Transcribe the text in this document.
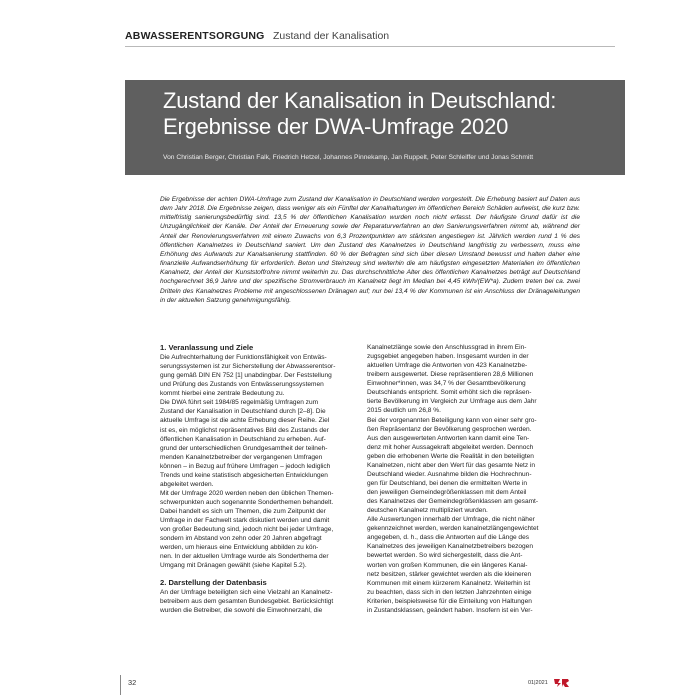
ABWASSERENTSORGUNG Zustand der Kanalisation
Zustand der Kanalisation in Deutschland:
Ergebnisse der DWA-Umfrage 2020
Von Christian Berger, Christian Falk, Friedrich Hetzel, Johannes Pinnekamp, Jan Ruppelt, Peter Schleiffer und Jonas Schmitt
Die Ergebnisse der achten DWA-Umfrage zum Zustand der Kanalisation in Deutschland werden vorgestellt. Die Erhebung basiert auf Daten aus dem Jahr 2018. Die Ergebnisse zeigen, dass weniger als ein Fünftel der Kanalhaltungen im öffentlichen Bereich Schäden aufweist, die kurz bzw. mittelfristig sanierungsbedürftig sind. 13,5 % der öffentlichen Kanalisation wurden noch nicht erfasst. Der häufigste Grund dafür ist die Unzugänglichkeit der Kanäle. Der Anteil der Erneuerung sowie der Reparaturverfahren an den Sanierungsverfahren nimmt ab, während der Anteil der Renovierungsverfahren mit einem Zuwachs von 6,3 Prozentpunkten am stärksten angestiegen ist. Jährlich werden rund 1 % des öffentlichen Kanalnetzes in Deutschland saniert. Um den Zustand des Kanalnetzes in Deutschland langfristig zu verbessern, muss eine Erhöhung des Aufwands zur Kanalsanierung stattfinden. 60 % der Befragten sind sich über diesen Umstand bewusst und halten daher eine finanzielle Aufwandserhöhung für erforderlich. Beton und Steinzeug sind weiterhin die am häufigsten eingesetzten Materialien im öffentlichen Kanalnetz, der Anteil der Kunststoffrohre nimmt weiterhin zu. Das durchschnittliche Alter des öffentlichen Kanalnetzes beträgt auf Deutschland hochgerechnet 36,9 Jahre und der spezifische Stromverbrauch im Kanalnetz liegt im Median bei 4,45 kWh/(EW*a). Zudem treten bei ca. zwei Dritteln des Kanalnetzes Probleme mit angeschlossenen Dränagen auf; nur bei 13,4 % der Kommunen ist ein Anschluss der Dränageleitungen in der aktuellen Satzung genehmigungsfähig.
1. Veranlassung und Ziele
Die Aufrechterhaltung der Funktionsfähigkeit von Entwäs-
serungssystemen ist zur Sicherstellung der Abwasserentsor-
gung gemäß DIN EN 752 [1] unabdingbar. Der Feststellung
und Prüfung des Zustands von Entwässerungssystemen
kommt hierbei eine zentrale Bedeutung zu.
Die DWA führt seit 1984/85 regelmäßig Umfragen zum
Zustand der Kanalisation in Deutschland durch [2–8]. Die
aktuelle Umfrage ist die achte Erhebung dieser Reihe. Ziel
ist es, ein möglichst repräsentatives Bild des Zustands der
öffentlichen Kanalisation in Deutschland zu erheben. Auf-
grund der unterschiedlichen Grundgesamtheit der teilneh-
menden Kanalnetzbetreiber der vergangenen Umfragen
können – in Bezug auf frühere Umfragen – jedoch lediglich
Trends und keine statistisch abgesicherten Entwicklungen
abgeleitet werden.
Mit der Umfrage 2020 werden neben den üblichen Themen-
schwerpunkten auch sogenannte Sonderthemen behandelt.
Dabei handelt es sich um Themen, die zum Zeitpunkt der
Umfrage in der Fachwelt stark diskutiert werden und damit
von großer Bedeutung sind, jedoch nicht bei jeder Umfrage,
sondern im Abstand von zehn oder 20 Jahren abgefragt
werden, um hieraus eine Entwicklung abbilden zu kön-
nen. In der aktuellen Umfrage wurde als Sonderthema der
Umgang mit Dränagen gewählt (siehe Kapitel 5.2).
2. Darstellung der Datenbasis
An der Umfrage beteiligten sich eine Vielzahl an Kanalnetz-
betreibern aus dem gesamten Bundesgebiet. Berücksichtigt
wurden die Betreiber, die sowohl die Einwohnerzahl, die
Kanalnetzlänge sowie den Anschlussgrad in ihrem Ein-
zugsgebiet angegeben haben. Insgesamt wurden in der
aktuellen Umfrage die Antworten von 423 Kanalnetzbe-
treibern ausgewertet. Diese repräsentieren 28,6 Millionen
Einwohner*innen, was 34,7 % der Gesamtbevölkerung
Deutschlands entspricht. Somit erhöht sich die repräsen-
tierte Bevölkerung im Vergleich zur Umfrage aus dem Jahr
2015 deutlich um 26,8 %.
Bei der vorgenannten Beteiligung kann von einer sehr gro-
ßen Repräsentanz der Bevölkerung gesprochen werden.
Aus den ausgewerteten Antworten kann damit eine Ten-
denz mit hoher Aussagekraft abgeleitet werden. Dennoch
geben die erhobenen Werte die Realität in den beteiligten
Kanalnetzen, nicht aber den Wert für das gesamte Netz in
Deutschland wieder. Ausnahme bilden die Hochrechnun-
gen für Deutschland, bei denen die ermittelten Werte in
den jeweiligen Gemeindegrößenklassen mit dem Anteil
des Kanalnetzes der Gemeindegrößenklassen am gesamt-
deutschen Kanalnetz multipliziert wurden.
Alle Auswertungen innerhalb der Umfrage, die nicht näher
gekennzeichnet werden, werden kanalnetzlängengewichtet
angegeben, d. h., dass die Antworten auf die Länge des
Kanalnetzes des jeweiligen Kanalnetzbetreibers bezogen
bewertet werden. So wird sichergestellt, dass die Ant-
worten von großen Kommunen, die ein längeres Kanal-
netz besitzen, stärker gewichtet werden als die kleineren
Kommunen mit einem kürzerem Kanalnetz. Weiterhin ist
zu beachten, dass sich in den letzten Jahrzehnten einige
Kriterien, beispielsweise für die Einteilung von Haltungen
in Zustandsklassen, geändert haben. Insofern ist ein Ver-
32	01|2021
